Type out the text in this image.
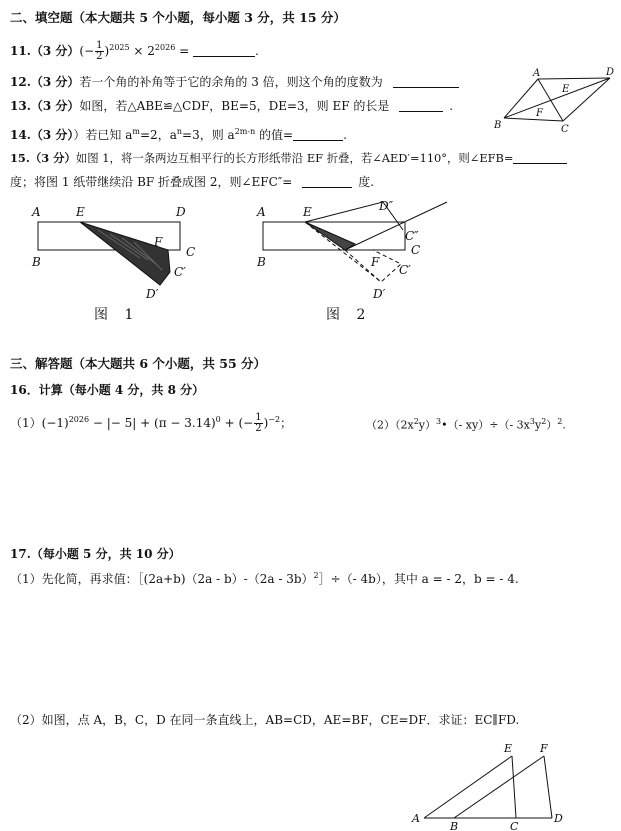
二、填空题（本大题共 5 个小题，每小题 3 分，共 15 分）
11.（3 分）(− $\frac{1}{2} )^{2025} \times 2^{2026}$ =	.
12.（3 分）若一个角的补角等于它的余角的 3 倍，则这个角的度数为
13.（3 分）如图，若△ABE≌△CDF，BE=5，DE=3，则 EF 的长是	.
14.（3 分））若已知 $a^m=2$，$a^n=3$，则 $a^{2m-n}$ 的值=	.
15.（3 分）如图 1，将一条两边互相平行的长方形纸带沿 EF 折叠，若∠AED′=110°，则∠EFB=
度；将图 1 纸带继续沿 BF 折叠成图 2，则∠EFC″=	度.
A
E
D
B
F
C
A	E	D
F
C
B
C′
D′
图 1
A	E	D″
C″
C
F
B
C′
D′
图 2
三、解答题（本大题共 6 个小题，共 55 分）
16．计算（每小题 4 分，共 8 分）
$(1)(-1)^{2026}$ − |− $5| + (\pi - 3.14)^0$ + (− $\frac{1}{2} )^{-2}$；	$(2)(2x^2y)^3•(-$ xy）÷（- $3x^3y^2)^2$.
17.（每小题 5 分，共 10 分）
（1）先化简，再求值：［(2a+b)（2a - b）-（2a - 3b）$^2$］÷（- 4b），其中 a = - 2，b = - 4.
（2）如图，点 A，B，C，D 在同一条直线上，AB=CD，AE=BF，CE=DF．求证：EC∥FD.
E	F
A
B	C
D
